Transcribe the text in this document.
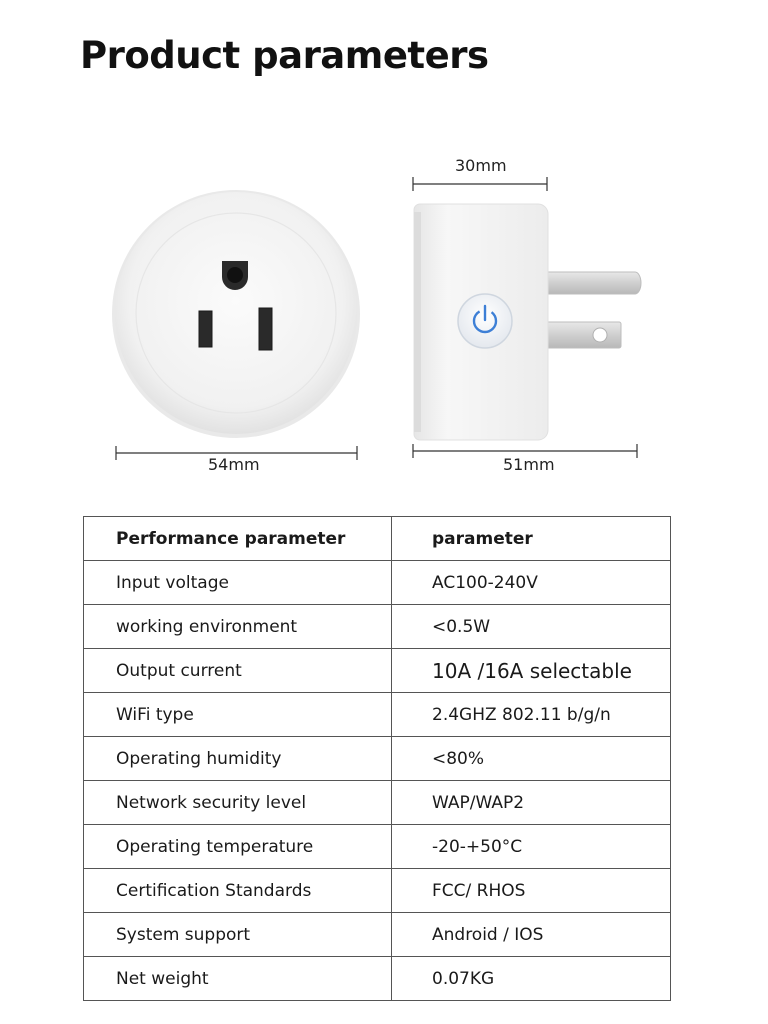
Product parameters
30mm
54mm	51mm
Performance parameter	parameter
Input voltage	AC100-240V
working environment	<0.5W
Output current	10A /16A selectable
WiFi type	2.4GHZ 802.11 b/g/n
Operating humidity	<80%
Network security level	WAP/WAP2
Operating temperature	-20-+50°C
Certification Standards	FCC/ RHOS
System support	Android / IOS
Net weight	0.07KG
